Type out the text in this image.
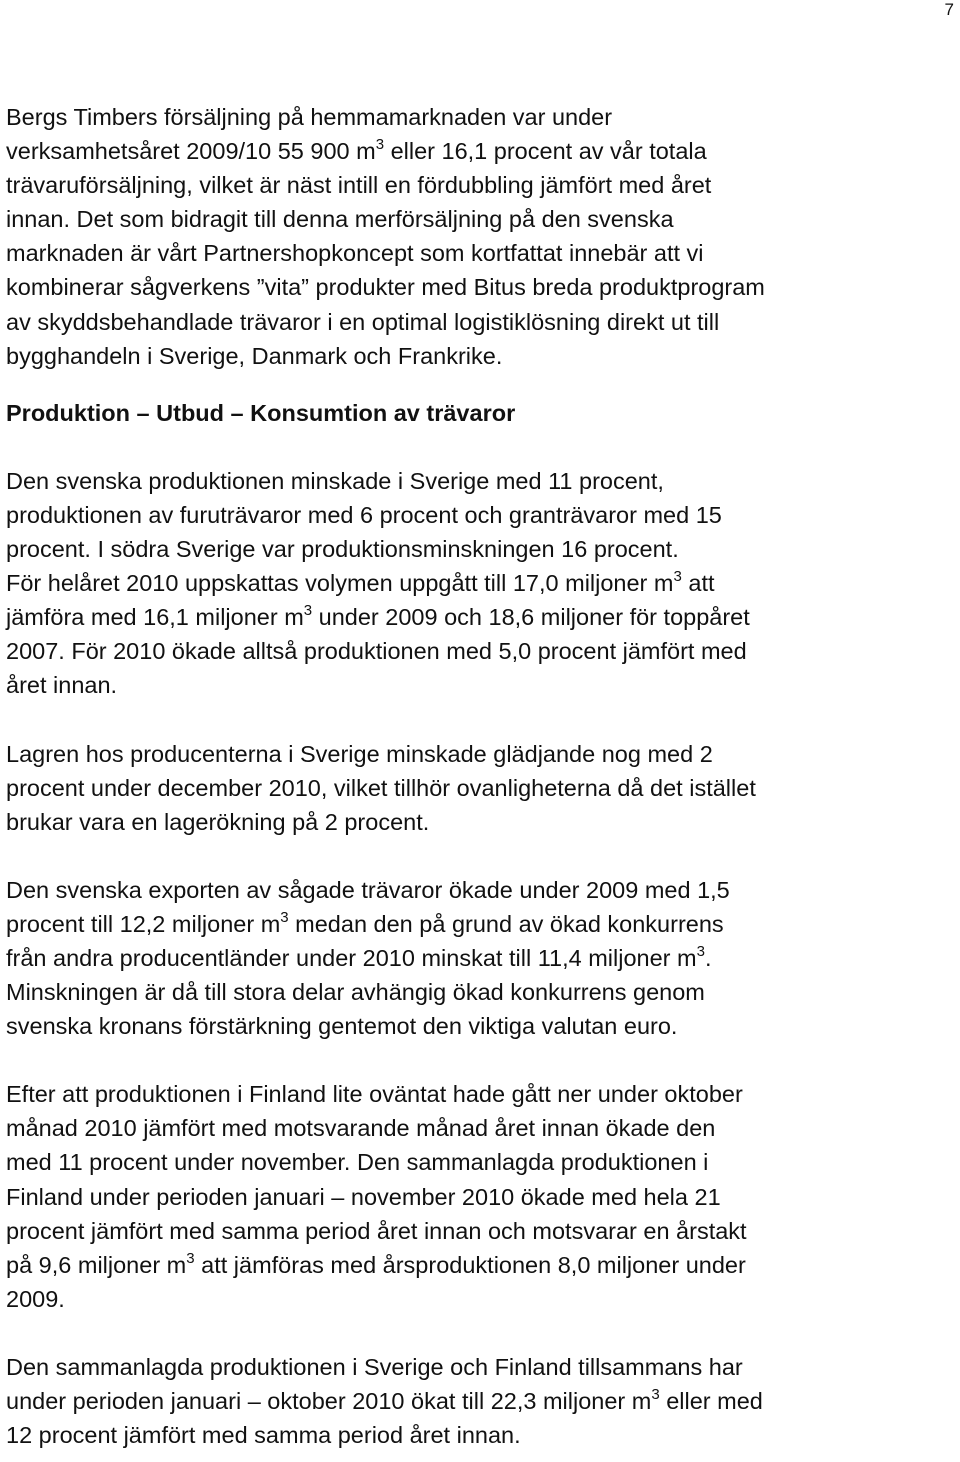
7

Bergs Timbers försäljning på hemmamarknaden var under

verksamhetsåret 2009/10 55 900 $m^3$ eller 16,1 procent av vår totala

trävaruförsäljning, vilket är näst intill en fördubbling jämfört med året

innan. Det som bidragit till denna merförsäljning på den svenska

marknaden är vårt Partnershopkoncept som kortfattat innebär att vi

kombinerar sågverkens ”vita” produkter med Bitus breda produktprogram

av skyddsbehandlade trävaror i en optimal logistiklösning direkt ut till

bygghandeln i Sverige, Danmark och Frankrike.

Produktion – Utbud – Konsumtion av trävaror

Den svenska produktionen minskade i Sverige med 11 procent,

produktionen av furuträvaror med 6 procent och granträvaror med 15

procent. I södra Sverige var produktionsminskningen 16 procent.

För helåret 2010 uppskattas volymen uppgått till 17,0 miljoner $m^3$ att

jämföra med 16,1 miljoner $m^3$ under 2009 och 18,6 miljoner för toppåret

2007. För 2010 ökade alltså produktionen med 5,0 procent jämfört med

året innan.

Lagren hos producenterna i Sverige minskade glädjande nog med 2

procent under december 2010, vilket tillhör ovanligheterna då det istället

brukar vara en lagerökning på 2 procent.

Den svenska exporten av sågade trävaror ökade under 2009 med 1,5

procent till 12,2 miljoner $m^3$ medan den på grund av ökad konkurrens

från andra producentländer under 2010 minskat till 11,4 miljoner $m^3$.

Minskningen är då till stora delar avhängig ökad konkurrens genom

svenska kronans förstärkning gentemot den viktiga valutan euro.

Efter att produktionen i Finland lite oväntat hade gått ner under oktober

månad 2010 jämfört med motsvarande månad året innan ökade den

med 11 procent under november. Den sammanlagda produktionen i

Finland under perioden januari – november 2010 ökade med hela 21

procent jämfört med samma period året innan och motsvarar en årstakt

på 9,6 miljoner $m^3$ att jämföras med årsproduktionen 8,0 miljoner under

2009.

Den sammanlagda produktionen i Sverige och Finland tillsammans har

under perioden januari – oktober 2010 ökat till 22,3 miljoner $m^3$ eller med

12 procent jämfört med samma period året innan.
